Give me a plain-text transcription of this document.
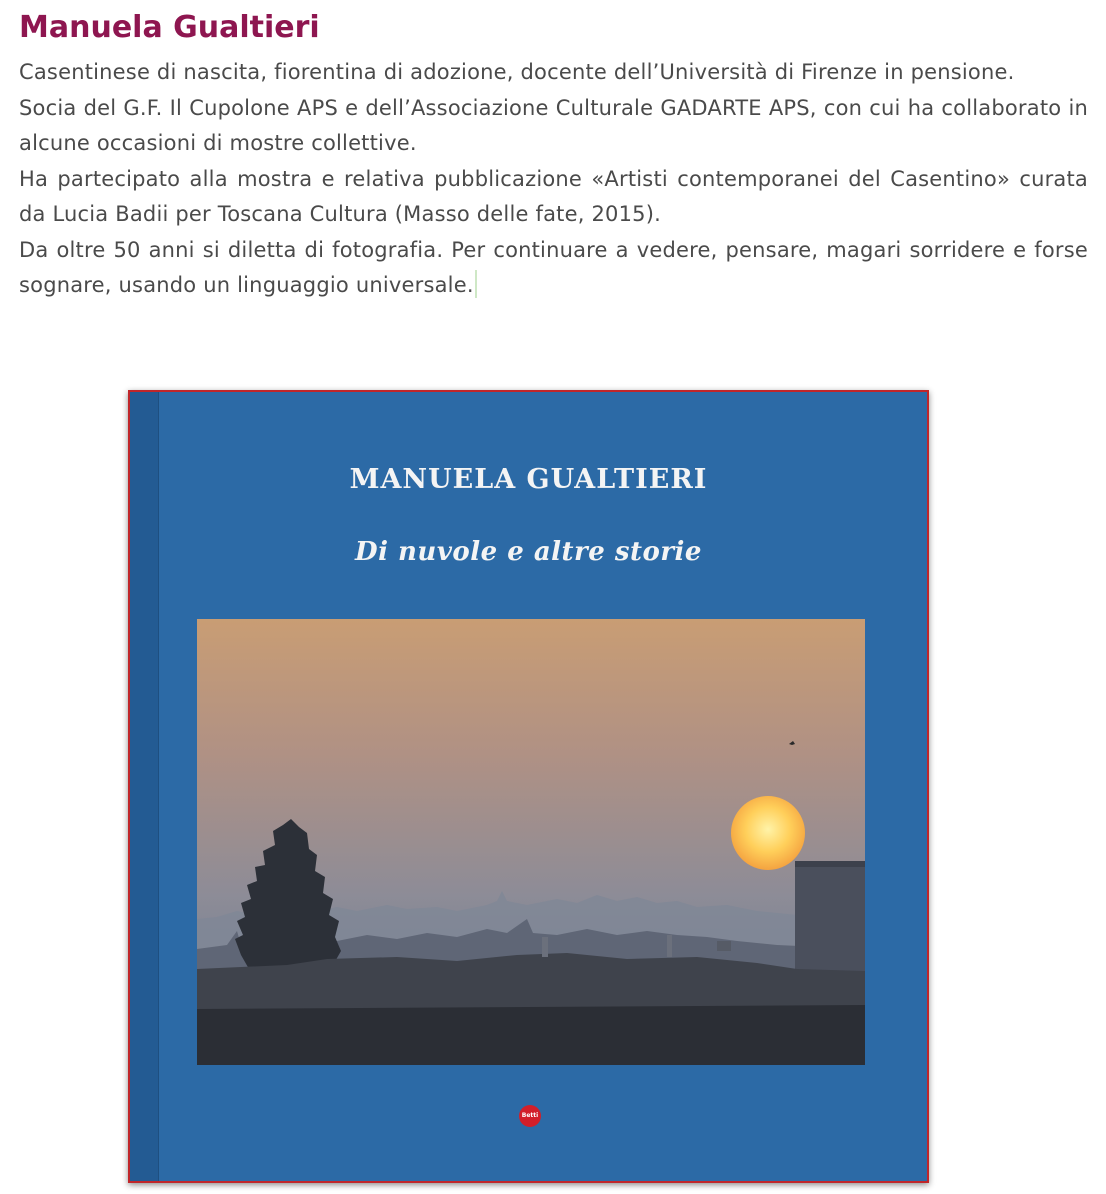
Manuela Gualtieri

Casentinese di nascita, fiorentina di adozione, docente dell’Università di Firenze in pensione.

Socia del G.F. Il Cupolone APS e dell’Associazione Culturale GADARTE APS, con cui ha collaborato in alcune occasioni di mostre collettive.

Ha partecipato alla mostra e relativa pubblicazione «Artisti contemporanei del Casentino» curata da Lucia Badii per Toscana Cultura (Masso delle fate, 2015).

Da oltre 50 anni si diletta di fotografia. Per continuare a vedere, pensare, magari sorridere e forse sognare, usando un linguaggio universale.

MANUELA GUALTIERI
Di nuvole e altre storie
Betti
